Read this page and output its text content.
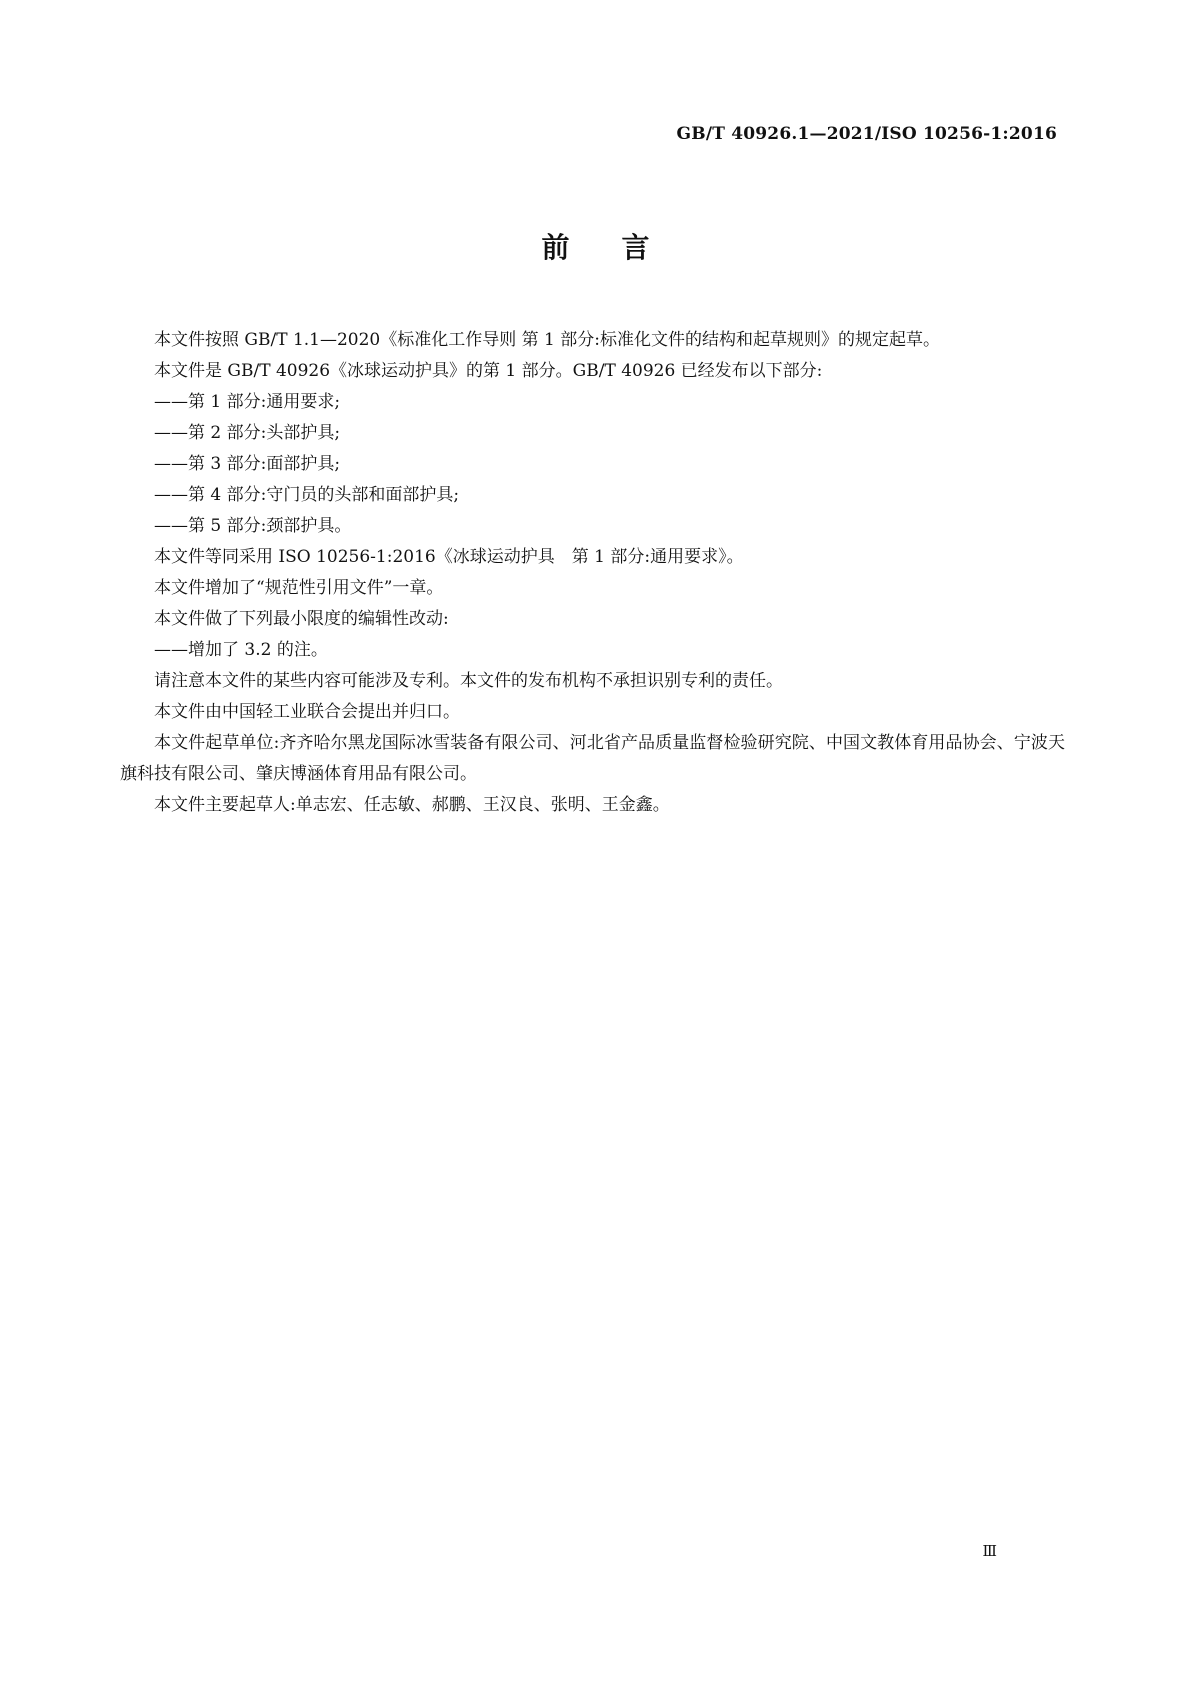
GB/T 40926.1—2021/ISO 10256-1:2016
前言

本文件按照 GB/T 1.1—2020《标准化工作导则 第 1 部分:标准化文件的结构和起草规则》的规定起草。

本文件是 GB/T 40926《冰球运动护具》的第 1 部分。GB/T 40926 已经发布以下部分:

——第 1 部分:通用要求;

——第 2 部分:头部护具;

——第 3 部分:面部护具;

——第 4 部分:守门员的头部和面部护具;

——第 5 部分:颈部护具。

本文件等同采用 ISO 10256-1:2016《冰球运动护具　第 1 部分:通用要求》。

本文件增加了“规范性引用文件”一章。

本文件做了下列最小限度的编辑性改动:

——增加了 3.2 的注。

请注意本文件的某些内容可能涉及专利。本文件的发布机构不承担识别专利的责任。

本文件由中国轻工业联合会提出并归口。

本文件起草单位:齐齐哈尔黑龙国际冰雪装备有限公司、河北省产品质量监督检验研究院、中国文教体育用品协会、宁波天旗科技有限公司、肇庆博涵体育用品有限公司。

本文件主要起草人:单志宏、任志敏、郝鹏、王汉良、张明、王金鑫。

Ⅲ
